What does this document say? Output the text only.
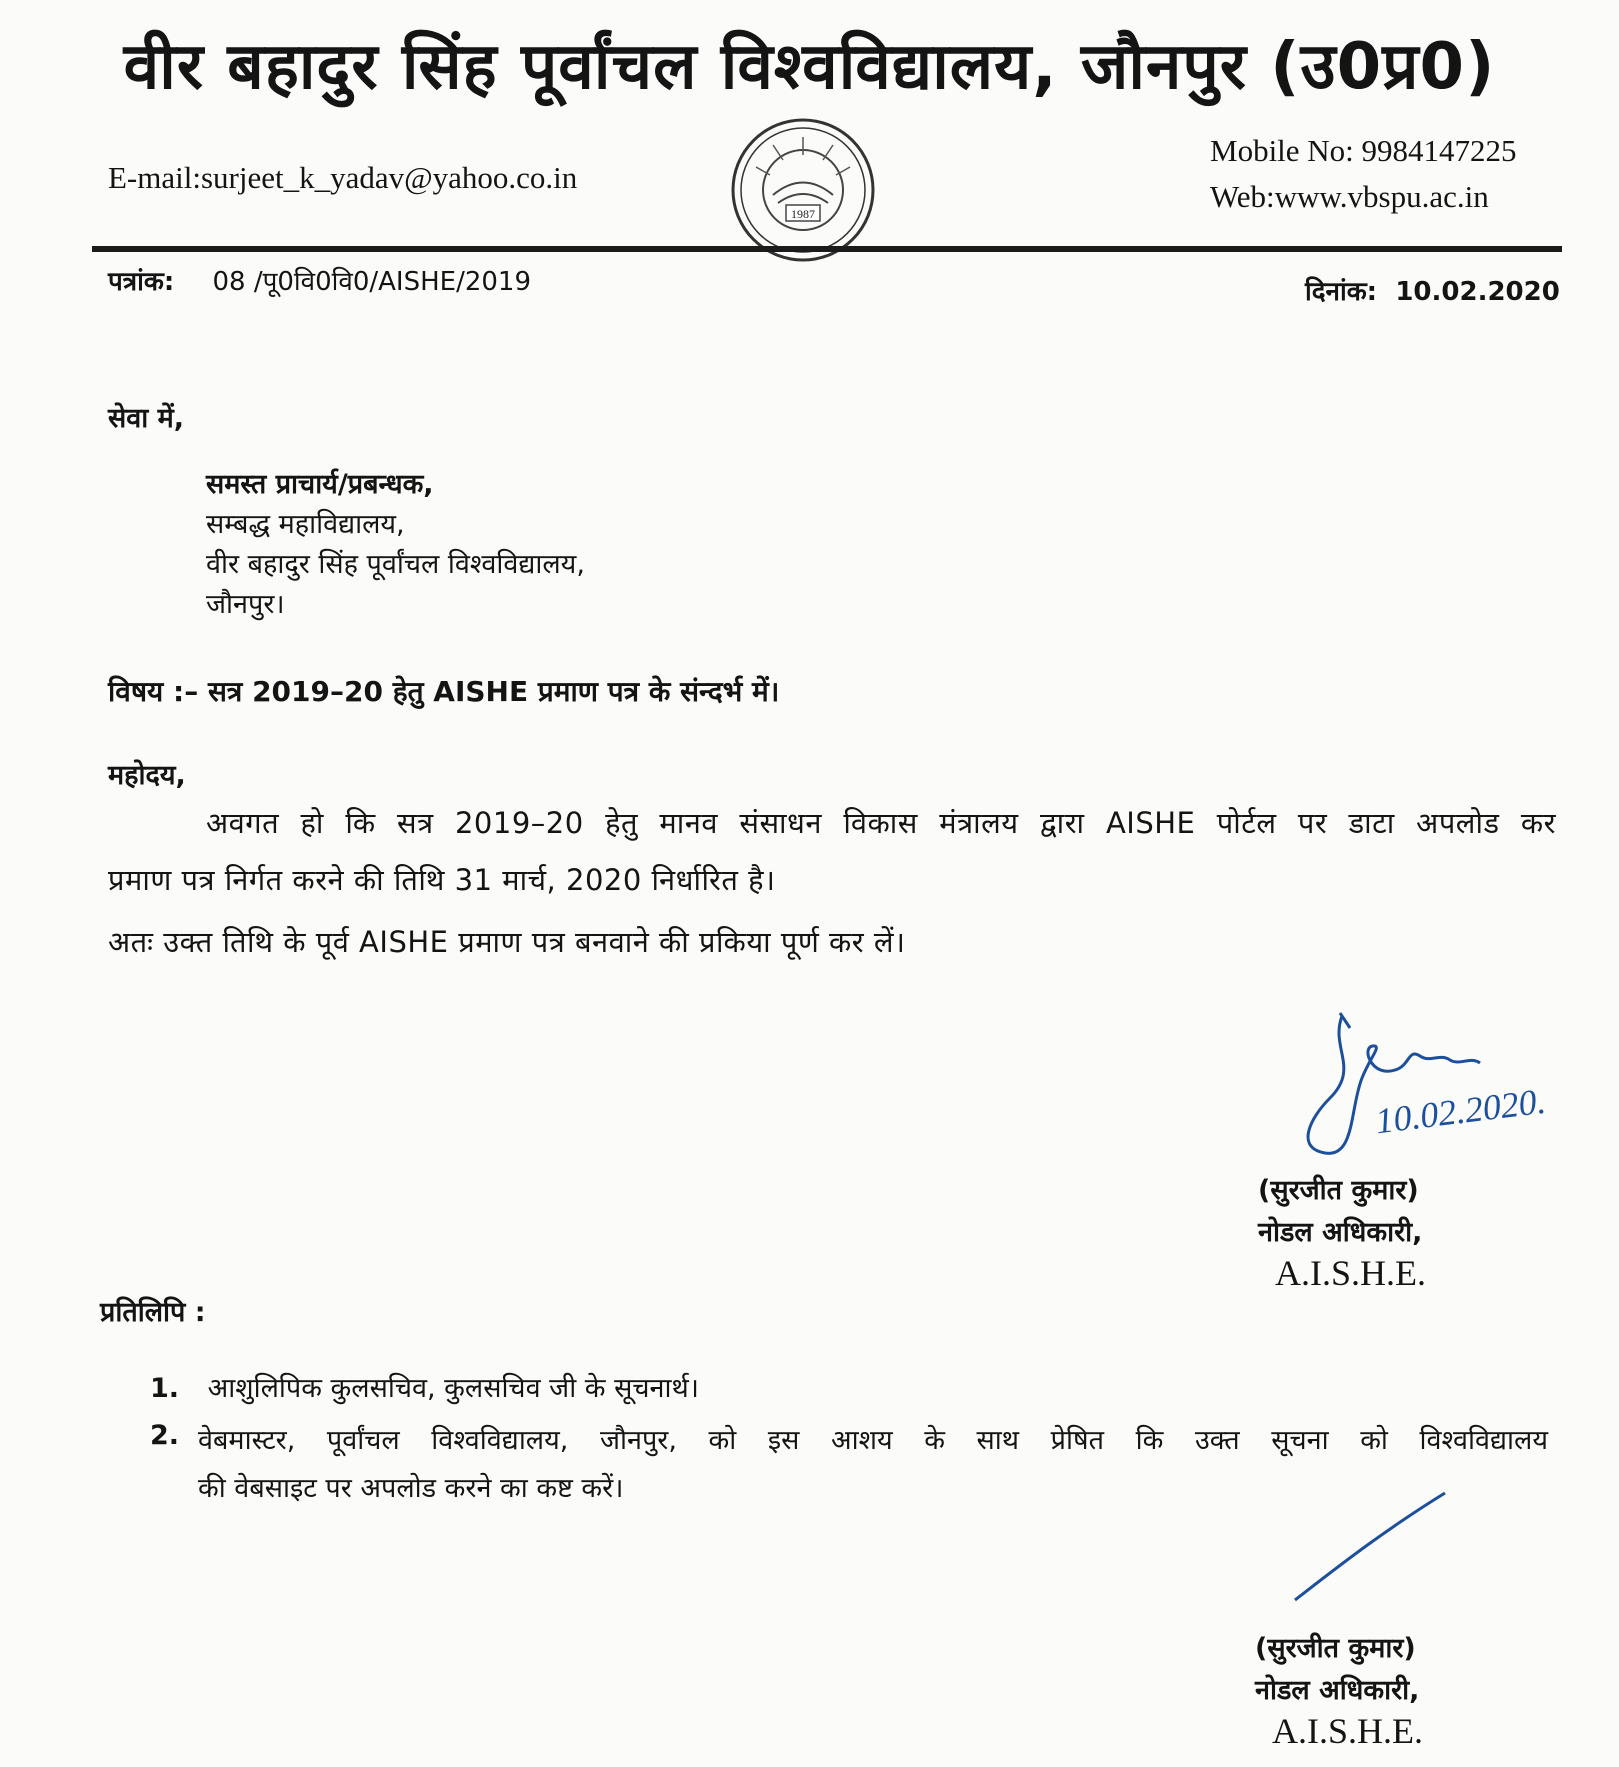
वीर बहादुर सिंह पूर्वांचल विश्वविद्यालय, जौनपुर (उ0प्र0)
E-mail:surjeet_k_yadav@yahoo.co.in
1987
Mobile No: 9984147225
Web:www.vbspu.ac.in
पत्रांक: 08 /पू0वि0वि0/AISHE/2019	दिनांक: 10.02.2020
सेवा में,
समस्त प्राचार्य/प्रबन्धक,
सम्बद्ध महाविद्यालय,
वीर बहादुर सिंह पूर्वांचल विश्वविद्यालय,
जौनपुर।
विषय :– सत्र 2019–20 हेतु AISHE प्रमाण पत्र के संन्दर्भ में।
महोदय,
अवगत हो कि सत्र 2019–20 हेतु मानव संसाधन विकास मंत्रालय द्वारा AISHE पोर्टल पर डाटा अपलोड कर
प्रमाण पत्र निर्गत करने की तिथि 31 मार्च, 2020 निर्धारित है।
अतः उक्त तिथि के पूर्व AISHE प्रमाण पत्र बनवाने की प्रकिया पूर्ण कर लें।
10.02.2020.
(सुरजीत कुमार)
नोडल अधिकारी,
A.I.S.H.E.
प्रतिलिपि :
1. आशुलिपिक कुलसचिव, कुलसचिव जी के सूचनार्थ।
2. वेबमास्टर, पूर्वांचल विश्वविद्यालय, जौनपुर, को इस आशय के साथ प्रेषित कि उक्त सूचना को विश्वविद्यालय
की वेबसाइट पर अपलोड करने का कष्ट करें।
(सुरजीत कुमार)
नोडल अधिकारी,
A.I.S.H.E.
